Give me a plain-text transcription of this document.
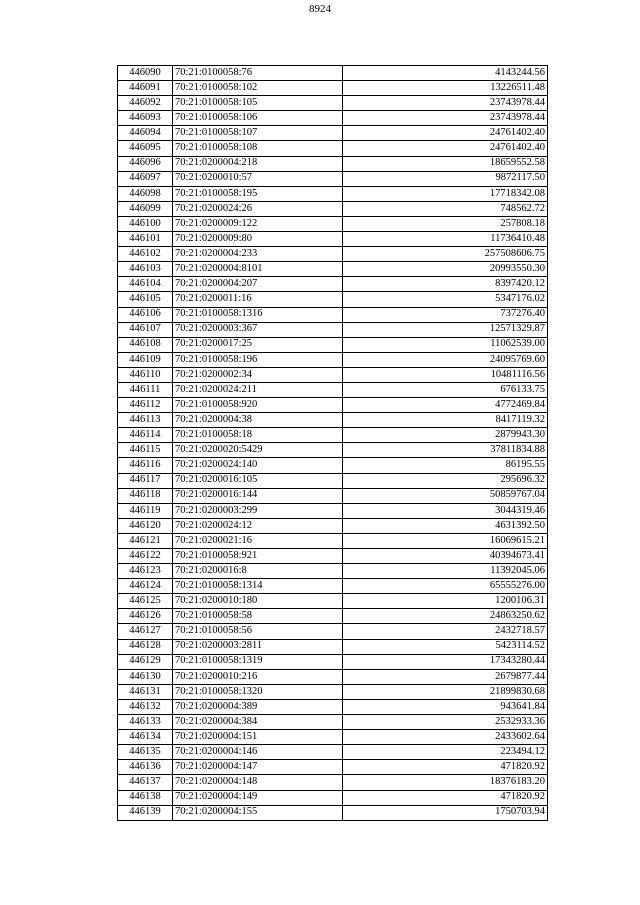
8924
446090	70:21:0100058:76	4143244.56
446091	70:21:0100058:102	13226511.48
446092	70:21:0100058:105	23743978.44
446093	70:21:0100058:106	23743978.44
446094	70:21:0100058:107	24761402.40
446095	70:21:0100058:108	24761402.40
446096	70:21:0200004:218	18659552.58
446097	70:21:0200010:57	9872117.50
446098	70:21:0100058:195	17718342.08
446099	70:21:0200024:26	748562.72
446100	70:21:0200009:122	257808.18
446101	70:21:0200009:80	11736410.48
446102	70:21:0200004:233	257508606.75
446103	70:21:0200004:8101	20993550.30
446104	70:21:0200004:207	8397420.12
446105	70:21:0200011:16	5347176.02
446106	70:21:0100058:1316	737276.40
446107	70:21:0200003:367	12571329.87
446108	70:21:0200017:25	11062539.00
446109	70:21:0100058:196	24095769.60
446110	70:21:0200002:34	10481116.56
446111	70:21:0200024:211	676133.75
446112	70:21:0100058:920	4772469.84
446113	70:21:0200004:38	8417119.32
446114	70:21:0100058:18	2879943.30
446115	70:21:0200020:5429	37811834.88
446116	70:21:0200024:140	86195.55
446117	70:21:0200016:105	295696.32
446118	70:21:0200016:144	50859767.04
446119	70:21:0200003:299	3044319.46
446120	70:21:0200024:12	4631392.50
446121	70:21:0200021:16	16069615.21
446122	70:21:0100058:921	40394673.41
446123	70:21:0200016:8	11392045.06
446124	70:21:0100058:1314	65555276.00
446125	70:21:0200010:180	1200106.31
446126	70:21:0100058:58	24863250.62
446127	70:21:0100058:56	2432718.57
446128	70:21:0200003:2811	5423114.52
446129	70:21:0100058:1319	17343280.44
446130	70:21:0200010:216	2679877.44
446131	70:21:0100058:1320	21899830.68
446132	70:21:0200004:389	943641.84
446133	70:21:0200004:384	2532933.36
446134	70:21:0200004:151	2433602.64
446135	70:21:0200004:146	223494.12
446136	70:21:0200004:147	471820.92
446137	70:21:0200004:148	18376183.20
446138	70:21:0200004:149	471820.92
446139	70:21:0200004:155	1750703.94
